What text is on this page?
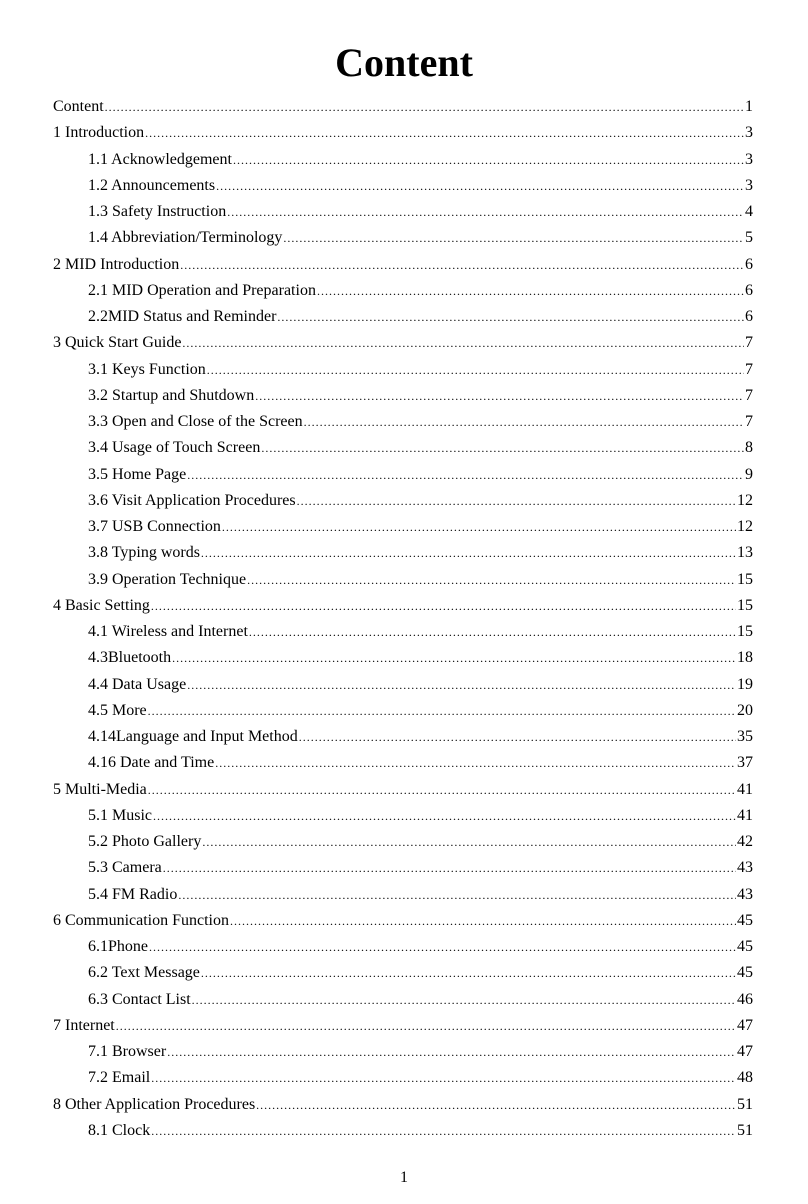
Content
Content .....	1
1 Introduction .....	3
1.1 Acknowledgement .....	3
1.2 Announcements .....	3
1.3 Safety Instruction .....	4
1.4 Abbreviation/Terminology .....	5
2 MID Introduction .....	6
2.1 MID Operation and Preparation .....	6
2.2MID Status and Reminder .....	6
3 Quick Start Guide .....	7
3.1 Keys Function .....	7
3.2 Startup and Shutdown .....	7
3.3 Open and Close of the Screen .....	7
3.4 Usage of Touch Screen .....	8
3.5 Home Page .....	9
3.6 Visit Application Procedures .....	12
3.7 USB Connection .....	12
3.8 Typing words .....	13
3.9 Operation Technique .....	15
4 Basic Setting .....	15
4.1 Wireless and Internet .....	15
4.3Bluetooth .....	18
4.4 Data Usage .....	19
4.5 More .....	20
4.14Language and Input Method .....	35
4.16 Date and Time .....	37
5 Multi-Media .....	41
5.1 Music .....	41
5.2 Photo Gallery .....	42
5.3 Camera .....	43
5.4 FM Radio .....	43
6 Communication Function .....	45
6.1Phone .....	45
6.2 Text Message .....	45
6.3 Contact List .....	46
7 Internet .....	47
7.1 Browser .....	47
7.2 Email .....	48
8 Other Application Procedures .....	51
8.1 Clock .....	51
1
